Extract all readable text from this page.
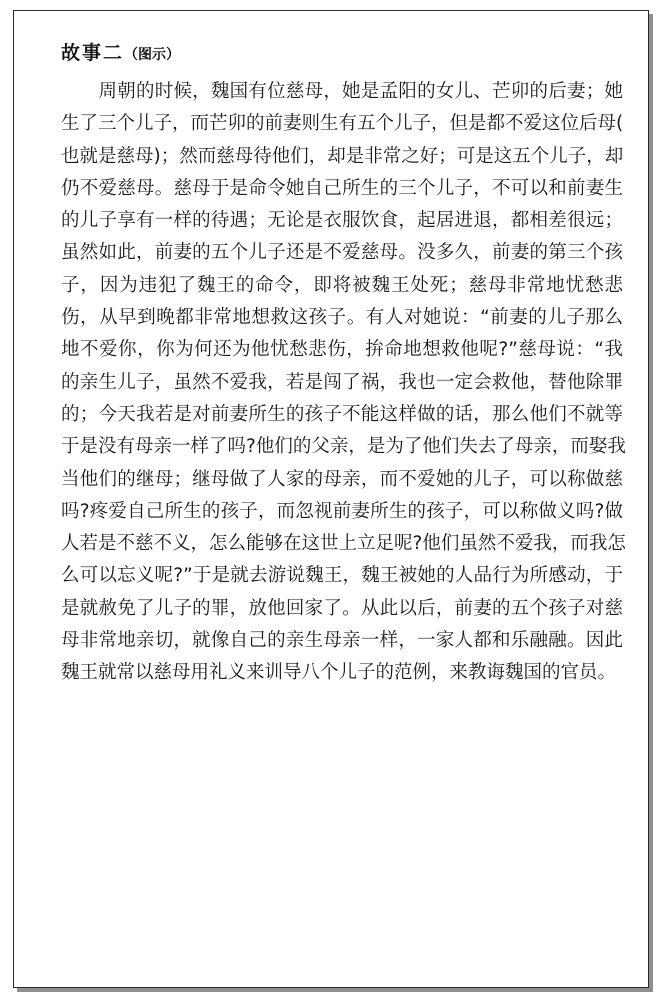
故事二（图示）
　　周朝的时候，魏国有位慈母，她是孟阳的女儿、芒卯的后妻；她
生了三个儿子，而芒卯的前妻则生有五个儿子，但是都不爱这位后母(
也就是慈母)；然而慈母待他们，却是非常之好；可是这五个儿子，却
仍不爱慈母。慈母于是命令她自己所生的三个儿子，不可以和前妻生
的儿子享有一样的待遇；无论是衣服饮食，起居进退，都相差很远；
虽然如此，前妻的五个儿子还是不爱慈母。没多久，前妻的第三个孩
子，因为违犯了魏王的命令，即将被魏王处死；慈母非常地忧愁悲
伤，从早到晚都非常地想救这孩子。有人对她说：“前妻的儿子那么
地不爱你，你为何还为他忧愁悲伤，拚命地想救他呢?”慈母说：“我
的亲生儿子，虽然不爱我，若是闯了祸，我也一定会救他，替他除罪
的；今天我若是对前妻所生的孩子不能这样做的话，那么他们不就等
于是没有母亲一样了吗?他们的父亲，是为了他们失去了母亲，而娶我
当他们的继母；继母做了人家的母亲，而不爱她的儿子，可以称做慈
吗?疼爱自己所生的孩子，而忽视前妻所生的孩子，可以称做义吗?做
人若是不慈不义，怎么能够在这世上立足呢?他们虽然不爱我，而我怎
么可以忘义呢?”于是就去游说魏王，魏王被她的人品行为所感动，于
是就赦免了儿子的罪，放他回家了。从此以后，前妻的五个孩子对慈
母非常地亲切，就像自己的亲生母亲一样，一家人都和乐融融。因此
魏王就常以慈母用礼义来训导八个儿子的范例，来教诲魏国的官员。
